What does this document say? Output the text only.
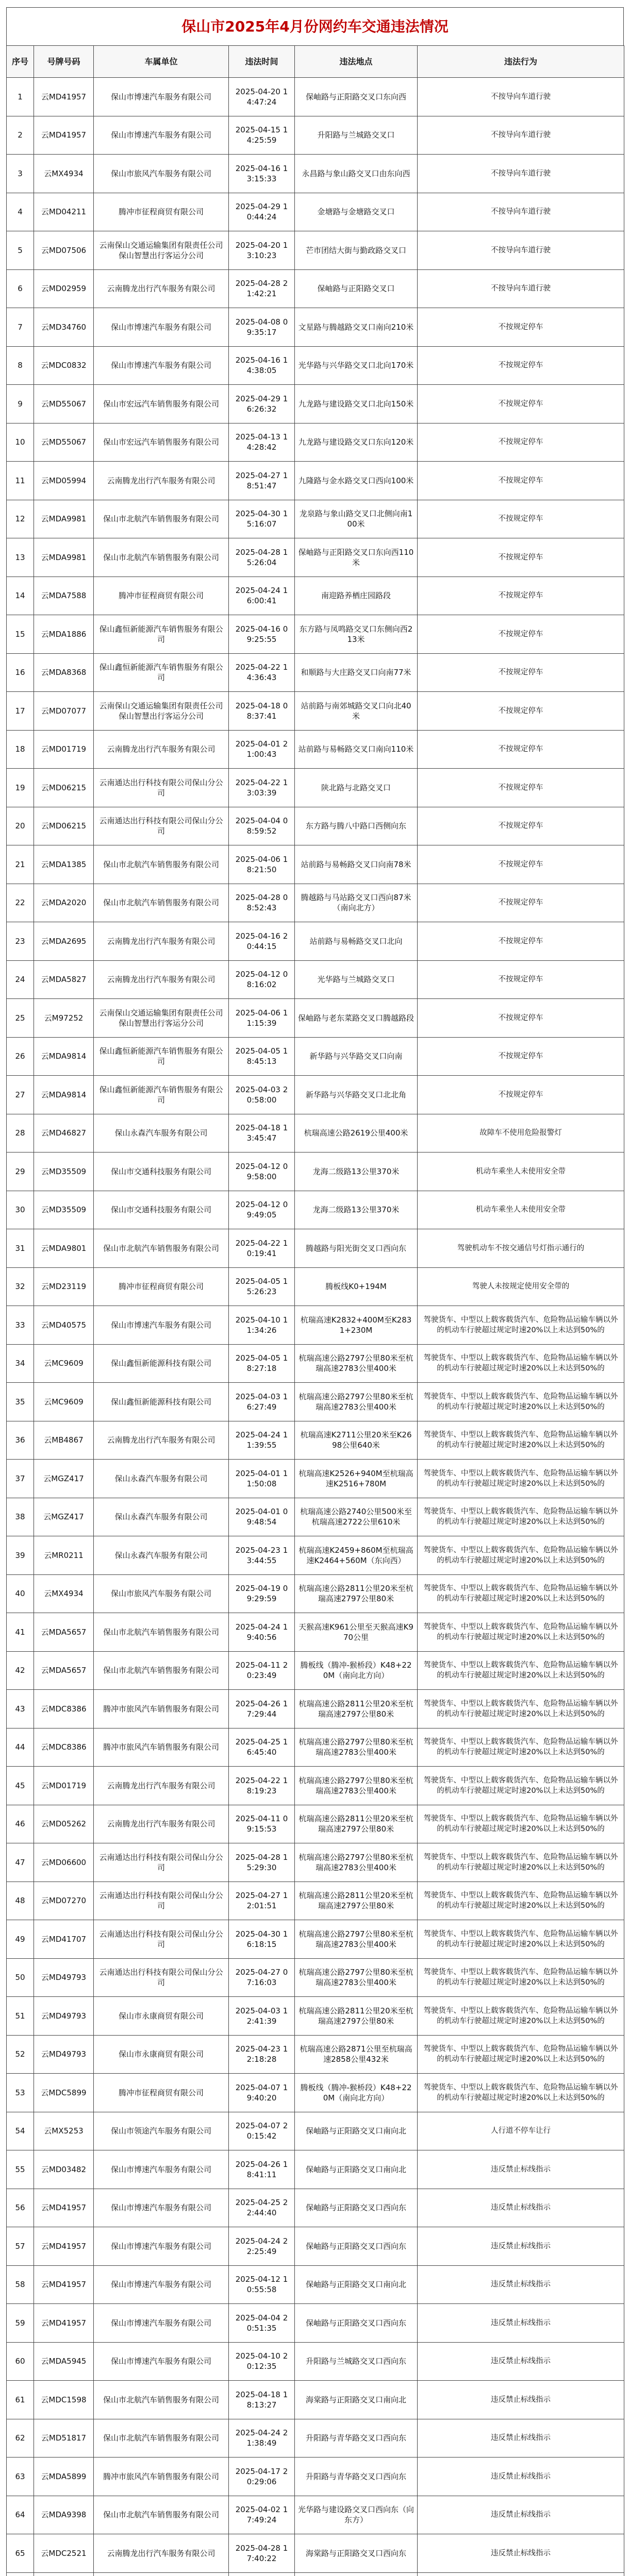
保山市2025年4月份网约车交通违法情况
序号	号牌号码	车属单位	违法时间	违法地点	违法行为
1	云MD41957	保山市博速汽车服务有限公司	2025-04-20 14:47:24	保岫路与正阳路交叉口东向西	不按导向车道行驶
2	云MD41957	保山市博速汽车服务有限公司	2025-04-15 14:25:59	升阳路与兰城路交叉口	不按导向车道行驶
3	云MX4934	保山市旅风汽车服务有限公司	2025-04-16 13:15:33	永昌路与象山路交叉口由东向西	不按导向车道行驶
4	云MD04211	腾冲市征程商贸有限公司	2025-04-29 10:44:24	金塘路与金塘路交叉口	不按导向车道行驶
5	云MD07506	云南保山交通运输集团有限责任公司保山智慧出行客运分公司	2025-04-20 13:10:23	芒市团结大街与勤政路交叉口	不按导向车道行驶
6	云MD02959	云南腾龙出行汽车服务有限公司	2025-04-28 21:42:21	保岫路与正阳路交叉口	不按导向车道行驶
7	云MD34760	保山市博速汽车服务有限公司	2025-04-08 09:35:17	文星路与腾越路交叉口南向210米	不按规定停车
8	云MDC0832	保山市博速汽车服务有限公司	2025-04-16 14:38:05	光华路与兴华路交叉口北向170米	不按规定停车
9	云MD55067	保山市宏远汽车销售服务有限公司	2025-04-29 16:26:32	九龙路与建设路交叉口北向150米	不按规定停车
10	云MD55067	保山市宏远汽车销售服务有限公司	2025-04-13 14:28:42	九龙路与建设路交叉口东向120米	不按规定停车
11	云MD05994	云南腾龙出行汽车服务有限公司	2025-04-27 18:51:47	九隆路与金水路交叉口西向100米	不按规定停车
12	云MDA9981	保山市北航汽车销售服务有限公司	2025-04-30 15:16:07	龙泉路与象山路交叉口北侧向南100米	不按规定停车
13	云MDA9981	保山市北航汽车销售服务有限公司	2025-04-28 15:26:04	保岫路与正阳路交叉口东向西110米	不按规定停车
14	云MDA7588	腾冲市征程商贸有限公司	2025-04-24 16:00:41	南迎路养栖庄园路段	不按规定停车
15	云MDA1886	保山鑫恒新能源汽车销售服务有限公司	2025-04-16 09:25:55	东方路与凤鸣路交叉口东侧向西213米	不按规定停车
16	云MDA8368	保山鑫恒新能源汽车销售服务有限公司	2025-04-22 14:36:43	和顺路与大庄路交叉口向南77米	不按规定停车
17	云MD07077	云南保山交通运输集团有限责任公司保山智慧出行客运分公司	2025-04-18 08:37:41	站前路与南郊城路交叉口向北40米	不按规定停车
18	云MD01719	云南腾龙出行汽车服务有限公司	2025-04-01 21:00:43	站前路与易畅路交叉口南向110米	不按规定停车
19	云MD06215	云南通达出行科技有限公司保山分公司	2025-04-22 13:03:39	陕北路与北路交叉口	不按规定停车
20	云MD06215	云南通达出行科技有限公司保山分公司	2025-04-04 08:59:52	东方路与腾八中路口西侧向东	不按规定停车
21	云MDA1385	保山市北航汽车销售服务有限公司	2025-04-06 18:21:50	站前路与易畅路交叉口向南78米	不按规定停车
22	云MDA2020	保山市北航汽车销售服务有限公司	2025-04-28 08:52:43	腾越路与马站路交叉口西向87米（南向北方）	不按规定停车
23	云MDA2695	云南腾龙出行汽车服务有限公司	2025-04-16 20:44:15	站前路与易畅路交叉口北向	不按规定停车
24	云MDA5827	云南腾龙出行汽车服务有限公司	2025-04-12 08:16:02	光华路与兰城路交叉口	不按规定停车
25	云M97252	云南保山交通运输集团有限责任公司保山智慧出行客运分公司	2025-04-06 11:15:39	保岫路与老东菜路交叉口腾越路段	不按规定停车
26	云MDA9814	保山鑫恒新能源汽车销售服务有限公司	2025-04-05 18:45:13	新华路与兴华路交叉口向南	不按规定停车
27	云MDA9814	保山鑫恒新能源汽车销售服务有限公司	2025-04-03 20:58:00	新华路与兴华路交叉口北北角	不按规定停车
28	云MD46827	保山永森汽车服务有限公司	2025-04-18 13:45:47	杭瑞高速公路2619公里400米	故障车不使用危险报警灯
29	云MD35509	保山市交通科技服务有限公司	2025-04-12 09:58:00	龙海二级路13公里370米	机动车乘坐人未使用安全带
30	云MD35509	保山市交通科技服务有限公司	2025-04-12 09:49:05	龙海二级路13公里370米	机动车乘坐人未使用安全带
31	云MDA9801	保山市北航汽车销售服务有限公司	2025-04-22 10:19:41	腾越路与阳光街交叉口西向东	驾驶机动车不按交通信号灯指示通行的
32	云MD23119	腾冲市征程商贸有限公司	2025-04-05 15:26:23	腾板线K0+194M	驾驶人未按规定使用安全带的
33	云MD40575	保山市博速汽车服务有限公司	2025-04-10 11:34:26	杭瑞高速K2832+400M至K2831+230M	驾驶货车、中型以上载客载货汽车、危险物品运输车辆以外的机动车行驶超过规定时速20%以上未达到50%的
34	云MC9609	保山鑫恒新能源科技有限公司	2025-04-05 18:27:18	杭瑞高速公路2797公里80米至杭瑞高速2783公里400米	驾驶货车、中型以上载客载货汽车、危险物品运输车辆以外的机动车行驶超过规定时速20%以上未达到50%的
35	云MC9609	保山鑫恒新能源科技有限公司	2025-04-03 16:27:49	杭瑞高速公路2797公里80米至杭瑞高速2783公里400米	驾驶货车、中型以上载客载货汽车、危险物品运输车辆以外的机动车行驶超过规定时速20%以上未达到50%的
36	云MB4867	云南腾龙出行汽车服务有限公司	2025-04-24 11:39:55	杭瑞高速K2711公里20米至K2698公里640米	驾驶货车、中型以上载客载货汽车、危险物品运输车辆以外的机动车行驶超过规定时速20%以上未达到50%的
37	云MGZ417	保山永森汽车服务有限公司	2025-04-01 11:50:08	杭瑞高速K2526+940M至杭瑞高速K2516+780M	驾驶货车、中型以上载客载货汽车、危险物品运输车辆以外的机动车行驶超过规定时速20%以上未达到50%的
38	云MGZ417	保山永森汽车服务有限公司	2025-04-01 09:48:54	杭瑞高速公路2740公里500米至杭瑞高速2722公里610米	驾驶货车、中型以上载客载货汽车、危险物品运输车辆以外的机动车行驶超过规定时速20%以上未达到50%的
39	云MR0211	保山永森汽车服务有限公司	2025-04-23 13:44:55	杭瑞高速K2459+860M至杭瑞高速K2464+560M（东向西）	驾驶货车、中型以上载客载货汽车、危险物品运输车辆以外的机动车行驶超过规定时速20%以上未达到50%的
40	云MX4934	保山市旅风汽车服务有限公司	2025-04-19 09:29:59	杭瑞高速公路2811公里20米至杭瑞高速2797公里80米	驾驶货车、中型以上载客载货汽车、危险物品运输车辆以外的机动车行驶超过规定时速20%以上未达到50%的
41	云MDA5657	保山市北航汽车销售服务有限公司	2025-04-24 19:40:56	天猴高速K961公里至天猴高速K970公里	驾驶货车、中型以上载客载货汽车、危险物品运输车辆以外的机动车行驶超过规定时速20%以上未达到50%的
42	云MDA5657	保山市北航汽车销售服务有限公司	2025-04-11 20:23:49	腾板线（腾冲-猴桥段）K48+220M（南向北方向）	驾驶货车、中型以上载客载货汽车、危险物品运输车辆以外的机动车行驶超过规定时速20%以上未达到50%的
43	云MDC8386	腾冲市旅风汽车销售服务有限公司	2025-04-26 17:29:44	杭瑞高速公路2811公里20米至杭瑞高速2797公里80米	驾驶货车、中型以上载客载货汽车、危险物品运输车辆以外的机动车行驶超过规定时速20%以上未达到50%的
44	云MDC8386	腾冲市旅风汽车销售服务有限公司	2025-04-25 16:45:40	杭瑞高速公路2797公里80米至杭瑞高速2783公里400米	驾驶货车、中型以上载客载货汽车、危险物品运输车辆以外的机动车行驶超过规定时速20%以上未达到50%的
45	云MD01719	云南腾龙出行汽车服务有限公司	2025-04-22 18:19:23	杭瑞高速公路2797公里80米至杭瑞高速2783公里400米	驾驶货车、中型以上载客载货汽车、危险物品运输车辆以外的机动车行驶超过规定时速20%以上未达到50%的
46	云MD05262	云南腾龙出行汽车服务有限公司	2025-04-11 09:15:53	杭瑞高速公路2811公里20米至杭瑞高速2797公里80米	驾驶货车、中型以上载客载货汽车、危险物品运输车辆以外的机动车行驶超过规定时速20%以上未达到50%的
47	云MD06600	云南通达出行科技有限公司保山分公司	2025-04-28 15:29:30	杭瑞高速公路2797公里80米至杭瑞高速2783公里400米	驾驶货车、中型以上载客载货汽车、危险物品运输车辆以外的机动车行驶超过规定时速20%以上未达到50%的
48	云MD07270	云南通达出行科技有限公司保山分公司	2025-04-27 12:01:51	杭瑞高速公路2811公里20米至杭瑞高速2797公里80米	驾驶货车、中型以上载客载货汽车、危险物品运输车辆以外的机动车行驶超过规定时速20%以上未达到50%的
49	云MD41707	云南通达出行科技有限公司保山分公司	2025-04-30 16:18:15	杭瑞高速公路2797公里80米至杭瑞高速2783公里400米	驾驶货车、中型以上载客载货汽车、危险物品运输车辆以外的机动车行驶超过规定时速20%以上未达到50%的
50	云MD49793	云南通达出行科技有限公司保山分公司	2025-04-27 07:16:03	杭瑞高速公路2797公里80米至杭瑞高速2783公里400米	驾驶货车、中型以上载客载货汽车、危险物品运输车辆以外的机动车行驶超过规定时速20%以上未达到50%的
51	云MD49793	保山市永康商贸有限公司	2025-04-03 12:41:39	杭瑞高速公路2811公里20米至杭瑞高速2797公里80米	驾驶货车、中型以上载客载货汽车、危险物品运输车辆以外的机动车行驶超过规定时速20%以上未达到50%的
52	云MD49793	保山市永康商贸有限公司	2025-04-23 12:18:28	杭瑞高速公路2871公里至杭瑞高速2858公里432米	驾驶货车、中型以上载客载货汽车、危险物品运输车辆以外的机动车行驶超过规定时速20%以上未达到50%的
53	云MDC5899	腾冲市征程商贸有限公司	2025-04-07 19:40:20	腾板线（腾冲-猴桥段）K48+220M（南向北方向）	驾驶货车、中型以上载客载货汽车、危险物品运输车辆以外的机动车行驶超过规定时速20%以上未达到50%的
54	云MX5253	保山市领途汽车服务有限公司	2025-04-07 20:15:42	保岫路与正阳路交叉口南向北	人行道不停车让行
55	云MD03482	保山市博速汽车服务有限公司	2025-04-26 18:41:11	保岫路与正阳路交叉口南向北	违反禁止标线指示
56	云MD41957	保山市博速汽车服务有限公司	2025-04-25 22:44:40	保岫路与正阳路交叉口西向东	违反禁止标线指示
57	云MD41957	保山市博速汽车服务有限公司	2025-04-24 22:25:49	保岫路与正阳路交叉口西向东	违反禁止标线指示
58	云MD41957	保山市博速汽车服务有限公司	2025-04-12 10:55:58	保岫路与正阳路交叉口南向北	违反禁止标线指示
59	云MD41957	保山市博速汽车服务有限公司	2025-04-04 20:51:35	保岫路与正阳路交叉口西向东	违反禁止标线指示
60	云MDA5945	保山市博速汽车服务有限公司	2025-04-10 20:12:35	升阳路与兰城路交叉口西向东	违反禁止标线指示
61	云MDC1598	保山市北航汽车销售服务有限公司	2025-04-18 18:13:27	海棠路与正阳路交叉口南向北	违反禁止标线指示
62	云MD51817	保山市北航汽车销售服务有限公司	2025-04-24 21:38:49	升阳路与青华路交叉口西向东	违反禁止标线指示
63	云MDA5899	腾冲市旅风汽车销售服务有限公司	2025-04-17 20:29:06	升阳路与青华路交叉口西向东	违反禁止标线指示
64	云MDA9398	保山市北航汽车销售服务有限公司	2025-04-02 17:49:24	光华路与建设路交叉口西向东（向东方）	违反禁止标线指示
65	云MDC2521	云南腾龙出行汽车服务有限公司	2025-04-28 17:40:22	海棠路与正阳路交叉口西向东	违反禁止标线指示
